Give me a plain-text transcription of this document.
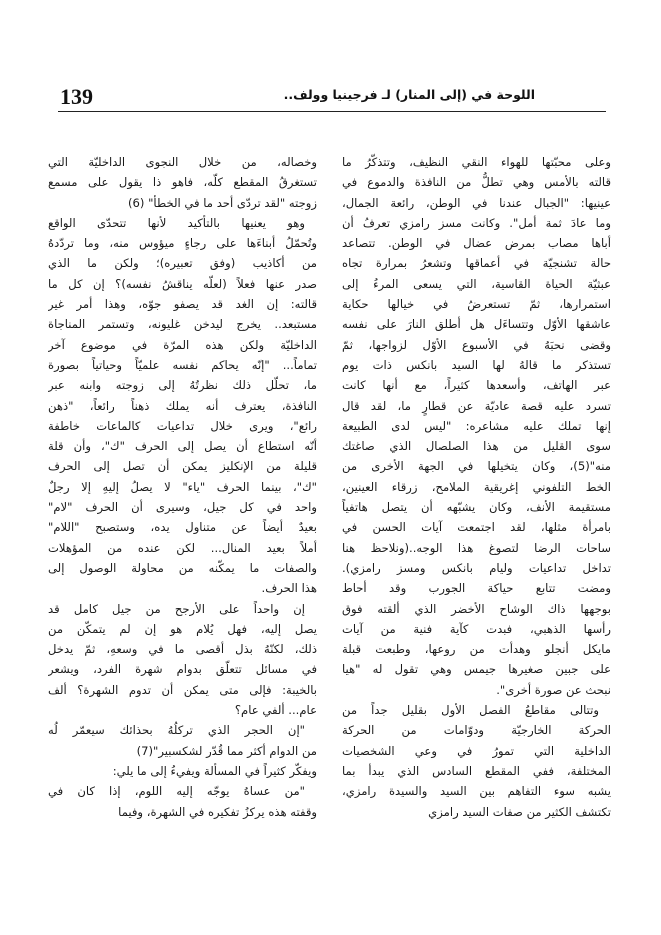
139	اللوحة في (إلى المنار) لـ فرجينيا وولف..
وعلى محبّتها للهواء النقي النظيف، وتتذكّرُ ما
قالته بالأمس وهي تطلُّ من النافذة والدموع في
عينيها: "الجبال عندنا في الوطن، رائعة الجمال،
وما عادَ ثمة أمل". وكانت مسز رامزي تعرفُ أن
أباها مصاب بمرض عضال في الوطن. تتصاعد
حالة تشنجيّة في أعماقها وتشعرُ بمرارة تجاه
عبثيّة الحياة القاسية، التي يسعى المرءُ إلى
استمرارها، ثمّ تستعرضُ في خيالها حكاية
عاشقها الأوّل وتتساءَل هل أطلق النارَ على نفسه
وقضى نحبَهُ في الأسبوع الأوّل لزواجها، ثمّ
تستذكر ما قالهُ لها السيد بانكس ذات يوم
عبر الهاتف، وأسعدها كثيراً، مع أنها كانت
تسرد عليه قصة عاديّة عن قطارٍ ما، لقد قال
إنها تملك عليه مشاعره: "ليس لدى الطبيعة
سوى القليل من هذا الصلصال الذي صاغتك
منه"(5)، وكان يتخيلها في الجهة الأخرى من
الخط التلفوني إغريقية الملامح، زرقاء العينين،
مستقيمة الأنف، وكان يشبّهه أن يتصل هاتفياً
بامرأة مثلها، لقد اجتمعت آيات الحسن في
ساحات الرضا لتصوغ هذا الوجه..(ونلاحظ هنا
تداخل تداعيات وليام بانكس ومسز رامزي).
ومضت تتابع حياكة الجورب وقد أحاط
بوجهها ذاك الوشاح الأخضر الذي ألقته فوق
رأسها الذهبي، فبدت كآية فنية من آيات
مايكل أنجلو وهدأت من روعها، وطبعت قبلة
على جبين صغيرها جيمس وهي تقول له "هيا
نبحث عن صورة أخرى".
وتتالى مقاطعُ الفصل الأول بقليل جداً من
الحركة الخارجيّة ودوّامات من الحركة
الداخلية التي تمورُ في وعي الشخصيات
المختلفة، ففي المقطع السادس الذي يبدأ بما
يشبه سوء التفاهم بين السيد والسيدة رامزي،
تكتشف الكثير من صفات السيد رامزي
وخصاله، من خلال النجوى الداخليّة التي
تستغرقُ المقطع كلّه، فاهو ذا يقول على مسمع
زوجته "لقد تردّى أحد ما في الخطأ" (6)
وهو يعنيها بالتأكيد لأنها تتحدّى الواقع
وتُحمّلُ أبناءَها على رجاءٍ ميؤوس منه، وما تردّدهُ
من أكاذيب (وفق تعبيره)؛ ولكن ما الذي
صدر عنها فعلاً (لعلّه يناقشُ نفسه)؟ إن كل ما
قالته: إن الغد قد يصفو جوّه، وهذا أمر غير
مستبعد.. يخرج ليدخن غليونه، وتستمر المناجاة
الداخليّة ولكن هذه المرّة في موضوع آخر
تماماً... "إنّه يحاكم نفسه علميّاً وحياتياً بصورة
ما، تحلّل ذلك نظرتُهُ إلى زوجته وابنه عبر
النافذة، يعترف أنه يملك ذهناً رائعاً، "ذهن
رائع"، ويرى خلال تداعيات كالماعات خاطفة
أنّه استطاع أن يصل إلى الحرف "ك"، وأن قلة
قليلة من الإنكليز يمكن أن تصل إلى الحرف
"ك"، بينما الحرف "ياء" لا يصلُ إليهِ إلا رجلٌ
واحد في كل جيل، وسيرى أن الحرف "لام"
بعيدٌ أيضاً عن متناول يده، وستصبح "اللام"
أملاً بعيد المنال... لكن عنده من المؤهلات
والصفات ما يمكّنه من محاولة الوصول إلى
هذا الحرف.
إن واحداً على الأرجح من جيل كامل قد
يصل إليه، فهل يُلام هو إن لم يتمكّن من
ذلك، لكنّهُ بذل أقصى ما في وسعهِ، ثمّ يدخل
في مسائل تتعلّق بدوام شهرة الفرد، ويشعر
بالخيبة: فإلى متى يمكن أن تدوم الشهرة؟ ألف
عام... ألفي عام؟
"إن الحجر الذي تركلُهُ بحذائك سيعمّر لُه
من الدوام أكثر مما قُدّر لشكسبير"(7)
ويفكّر كثيراً في المسألة ويفيءُ إلى ما يلي:
"من عساهُ يوجّه إليه اللوم، إذا كان في
وقفته هذه يركزُ تفكيره في الشهرة، وفيما
